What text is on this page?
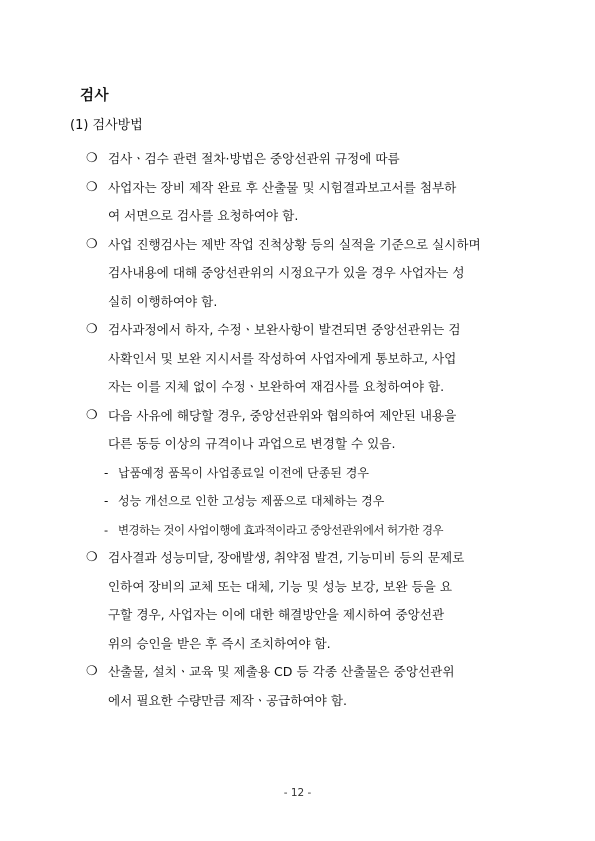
검사
(1) 검사방법
❍ 검사ㆍ검수 관련 절차·방법은 중앙선관위 규정에 따름
❍ 사업자는 장비 제작 완료 후 산출물 및 시험결과보고서를 첨부하
여 서면으로 검사를 요청하여야 함.
❍ 사업 진행검사는 제반 작업 진척상황 등의 실적을 기준으로 실시하며
검사내용에 대해 중앙선관위의 시정요구가 있을 경우 사업자는 성
실히 이행하여야 함.
❍ 검사과정에서 하자, 수정ㆍ보완사항이 발견되면 중앙선관위는 검
사확인서 및 보완 지시서를 작성하여 사업자에게 통보하고, 사업
자는 이를 지체 없이 수정ㆍ보완하여 재검사를 요청하여야 함.
❍ 다음 사유에 해당할 경우, 중앙선관위와 협의하여 제안된 내용을
다른 동등 이상의 규격이나 과업으로 변경할 수 있음.
- 납품예정 품목이 사업종료일 이전에 단종된 경우
- 성능 개선으로 인한 고성능 제품으로 대체하는 경우
- 변경하는 것이 사업이행에 효과적이라고 중앙선관위에서 허가한 경우
❍ 검사결과 성능미달, 장애발생, 취약점 발견, 기능미비 등의 문제로
인하여 장비의 교체 또는 대체, 기능 및 성능 보강, 보완 등을 요
구할 경우, 사업자는 이에 대한 해결방안을 제시하여 중앙선관
위의 승인을 받은 후 즉시 조치하여야 함.
❍ 산출물, 설치ㆍ교육 및 제출용 CD 등 각종 산출물은 중앙선관위
에서 필요한 수량만큼 제작ㆍ공급하여야 함.
- 12 -
